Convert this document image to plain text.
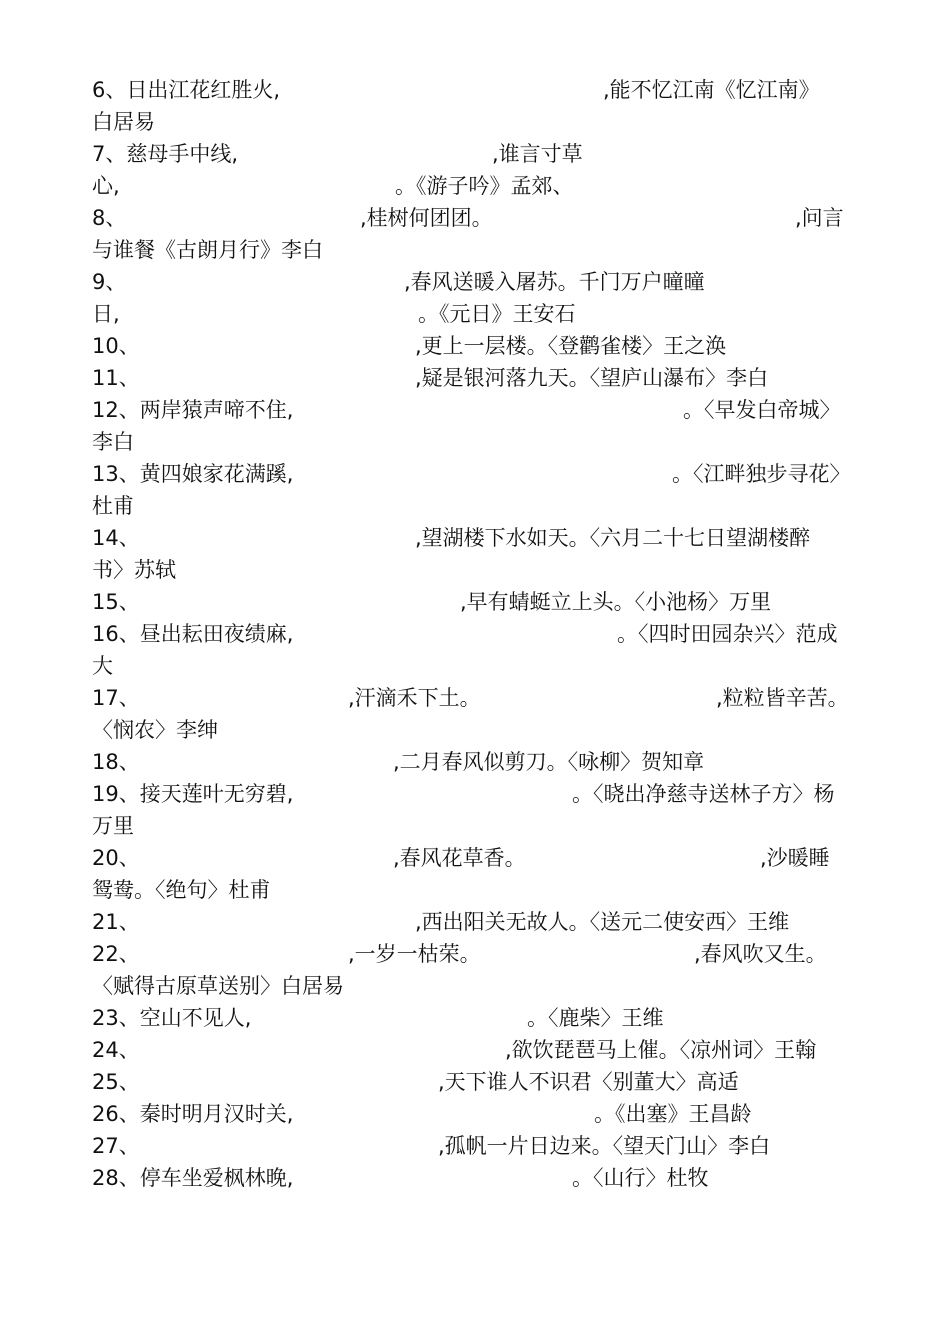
6、日出江花红胜火,	,能不忆江南《忆江南》
白居易
7、慈母手中线,	,谁言寸草
心,	。《游子吟》孟郊、
8、	,桂树何团团。	,问言
与谁餐《古朗月行》李白
9、	,春风送暖入屠苏。千门万户曈曈
日,	。《元日》王安石
10、	,更上一层楼。〈登鹳雀楼〉王之涣
11、	,疑是银河落九天。〈望庐山瀑布〉李白
12、两岸猿声啼不住,	。〈早发白帝城〉
李白
13、黄四娘家花满蹊,	。〈江畔独步寻花〉
杜甫
14、	,望湖楼下水如天。〈六月二十七日望湖楼醉
书〉苏轼
15、	,早有蜻蜓立上头。〈小池杨〉万里
16、昼出耘田夜绩麻,	。〈四时田园杂兴〉范成
大
17、	,汗滴禾下土。	,粒粒皆辛苦。
〈悯农〉李绅
18、	,二月春风似剪刀。〈咏柳〉贺知章
19、接天莲叶无穷碧,	。〈晓出净慈寺送林子方〉杨
万里
20、	,春风花草香。	,沙暖睡
鸳鸯。〈绝句〉杜甫
21、	,西出阳关无故人。〈送元二使安西〉王维
22、	,一岁一枯荣。	,春风吹又生。
〈赋得古原草送别〉白居易
23、空山不见人,	。〈鹿柴〉王维
24、	,欲饮琵琶马上催。〈凉州词〉王翰
25、	,天下谁人不识君〈别董大〉高适
26、秦时明月汉时关,	。《出塞》王昌龄
27、	,孤帆一片日边来。〈望天门山〉李白
28、停车坐爱枫林晚,	。〈山行〉杜牧
